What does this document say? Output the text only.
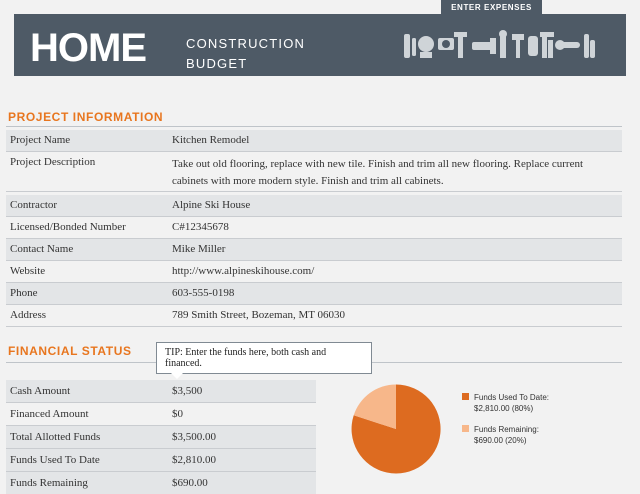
ENTER EXPENSES
HOME	CONSTRUCTION
BUDGET
PROJECT INFORMATION
Project Name	Kitchen Remodel
Project Description	Take out old flooring, replace with new tile. Finish and trim all new flooring. Replace current cabinets with more modern style. Finish and trim all cabinets.
Contractor	Alpine Ski House
Licensed/Bonded Number	C#12345678
Contact Name	Mike Miller
Website	http://www.alpineskihouse.com/
Phone	603-555-0198
Address	789 Smith Street, Bozeman, MT 06030
FINANCIAL STATUS	TIP: Enter the funds here, both cash and financed.
Cash Amount	$3,500
Financed Amount	$0
Total Allotted Funds	$3,500.00
Funds Used To Date	$2,810.00
Funds Remaining	$690.00
Funds Used To Date:
$2,810.00 (80%)
Funds Remaining:
$690.00 (20%)
